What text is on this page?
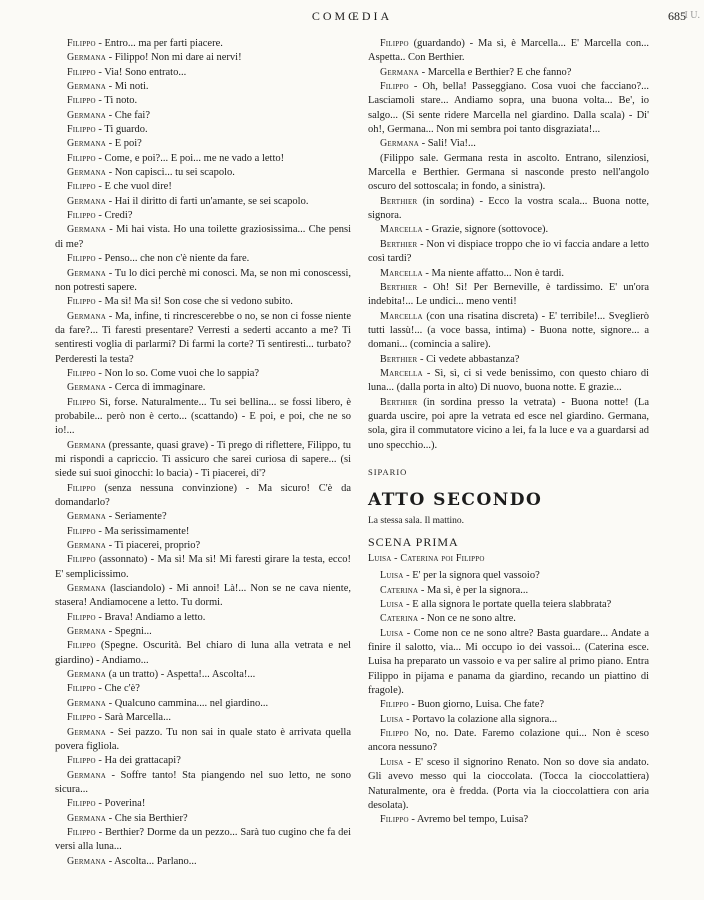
COMŒDIA	685
I U.

Filippo - Entro... ma per farti piacere.

Germana - Filippo! Non mi dare ai nervi!

Filippo - Via! Sono entrato...

Germana - Mi noti.

Filippo - Ti noto.

Germana - Che fai?

Filippo - Ti guardo.

Germana - E poi?

Filippo - Come, e poi?... E poi... me ne vado a letto!

Germana - Non capisci... tu sei scapolo.

Filippo - E che vuol dire!

Germana - Hai il diritto di farti un'amante, se sei scapolo.

Filippo - Credi?

Germana - Mi hai vista. Ho una toilette graziosissima... Che pensi di me?

Filippo - Penso... che non c'è niente da fare.

Germana - Tu lo dici perchè mi conosci. Ma, se non mi conoscessi, non potresti sapere.

Filippo - Ma sì! Ma sì! Son cose che si vedono subito.

Germana - Ma, infine, ti rincrescerebbe o no, se non ci fosse niente da fare?... Ti faresti presentare? Verresti a sederti accanto a me? Ti sentiresti voglia di parlarmi? Di farmi la corte? Ti sentiresti... turbato? Perderesti la testa?

Filippo - Non lo so. Come vuoi che lo sappia?

Germana - Cerca di immaginare.

Filippo Sì, forse. Naturalmente... Tu sei bellina... se fossi libero, è probabile... però non è certo... (scattando) - E poi, e poi, che ne so io!...

Germana (pressante, quasi grave) - Ti prego di riflettere, Filippo, tu mi rispondi a capriccio. Ti assicuro che sarei curiosa di sapere... (si siede sui suoi ginocchi: lo bacia) - Ti piacerei, di'?

Filippo (senza nessuna convinzione) - Ma sicuro! C'è da domandarlo?

Germana - Seriamente?

Filippo - Ma serissimamente!

Germana - Ti piacerei, proprio?

Filippo (assonnato) - Ma sì! Ma sì! Mi faresti girare la testa, ecco! E' semplicissimo.

Germana (lasciandolo) - Mi annoi! Là!... Non se ne cava niente, stasera! Andiamocene a letto. Tu dormi.

Filippo - Brava! Andiamo a letto.

Germana - Spegni...

Filippo (Spegne. Oscurità. Bel chiaro di luna alla vetrata e nel giardino) - Andiamo...

Germana (a un tratto) - Aspetta!... Ascolta!...

Filippo - Che c'è?

Germana - Qualcuno cammina.... nel giardino...

Filippo - Sarà Marcella...

Germana - Sei pazzo. Tu non sai in quale stato è arrivata quella povera figliola.

Filippo - Ha dei grattacapi?

Germana - Soffre tanto! Sta piangendo nel suo letto, ne sono sicura...

Filippo - Poverina!

Germana - Che sia Berthier?

Filippo - Berthier? Dorme da un pezzo... Sarà tuo cugino che fa dei versi alla luna...

Germana - Ascolta... Parlano...

Filippo (guardando) - Ma sì, è Marcella... E' Marcella con... Aspetta.. Con Berthier.

Germana - Marcella e Berthier? E che fanno?

Filippo - Oh, bella! Passeggiano. Cosa vuoi che facciano?... Lasciamoli stare... Andiamo sopra, una buona volta... Be', io salgo... (Si sente ridere Marcella nel giardino. Dalla scala) - Di' oh!, Germana... Non mi sembra poi tanto disgraziata!...

Germana - Sali! Via!...

(Filippo sale. Germana resta in ascolto. Entrano, silenziosi, Marcella e Berthier. Germana si nasconde presto nell'angolo oscuro del sottoscala; in fondo, a sinistra).

Berthier (in sordina) - Ecco la vostra scala... Buona notte, signora.

Marcella - Grazie, signore (sottovoce).

Berthier - Non vi dispiace troppo che io vi faccia andare a letto così tardi?

Marcella - Ma niente affatto... Non è tardi.

Berthier - Oh! Sì! Per Berneville, è tardissimo. E' un'ora indebita!... Le undici... meno venti!

Marcella (con una risatina discreta) - E' terribile!... Sveglierò tutti lassù!... (a voce bassa, intima) - Buona notte, signore... a domani... (comincia a salire).

Berthier - Ci vedete abbastanza?

Marcella - Sì, sì, ci si vede benissimo, con questo chiaro di luna... (dalla porta in alto) Di nuovo, buona notte. E grazie...

Berthier (in sordina presso la vetrata) - Buona notte! (La guarda uscire, poi apre la vetrata ed esce nel giardino. Germana, sola, gira il commutatore vicino a lei, fa la luce e va a guardarsi ad uno specchio...).

SIPARIO

ATTO SECONDO

La stessa sala. Il mattino.

SCENA PRIMA

Luisa - Caterina poi Filippo

Luisa - E' per la signora quel vassoio?

Caterina - Ma sì, è per la signora...

Luisa - E alla signora le portate quella teiera slabbrata?

Caterina - Non ce ne sono altre.

Luisa - Come non ce ne sono altre? Basta guardare... Andate a finire il salotto, via... Mi occupo io dei vassoi... (Caterina esce. Luisa ha preparato un vassoio e va per salire al primo piano. Entra Filippo in pijama e panama da giardino, recando un piattino di fragole).

Filippo - Buon giorno, Luisa. Che fate?

Luisa - Portavo la colazione alla signora...

Filippo No, no. Date. Faremo colazione qui... Non è sceso ancora nessuno?

Luisa - E' sceso il signorino Renato. Non so dove sia andato. Gli avevo messo qui la cioccolata. (Tocca la cioccolattiera) Naturalmente, ora è fredda. (Porta via la cioccolattiera con aria desolata).

Filippo - Avremo bel tempo, Luisa?
